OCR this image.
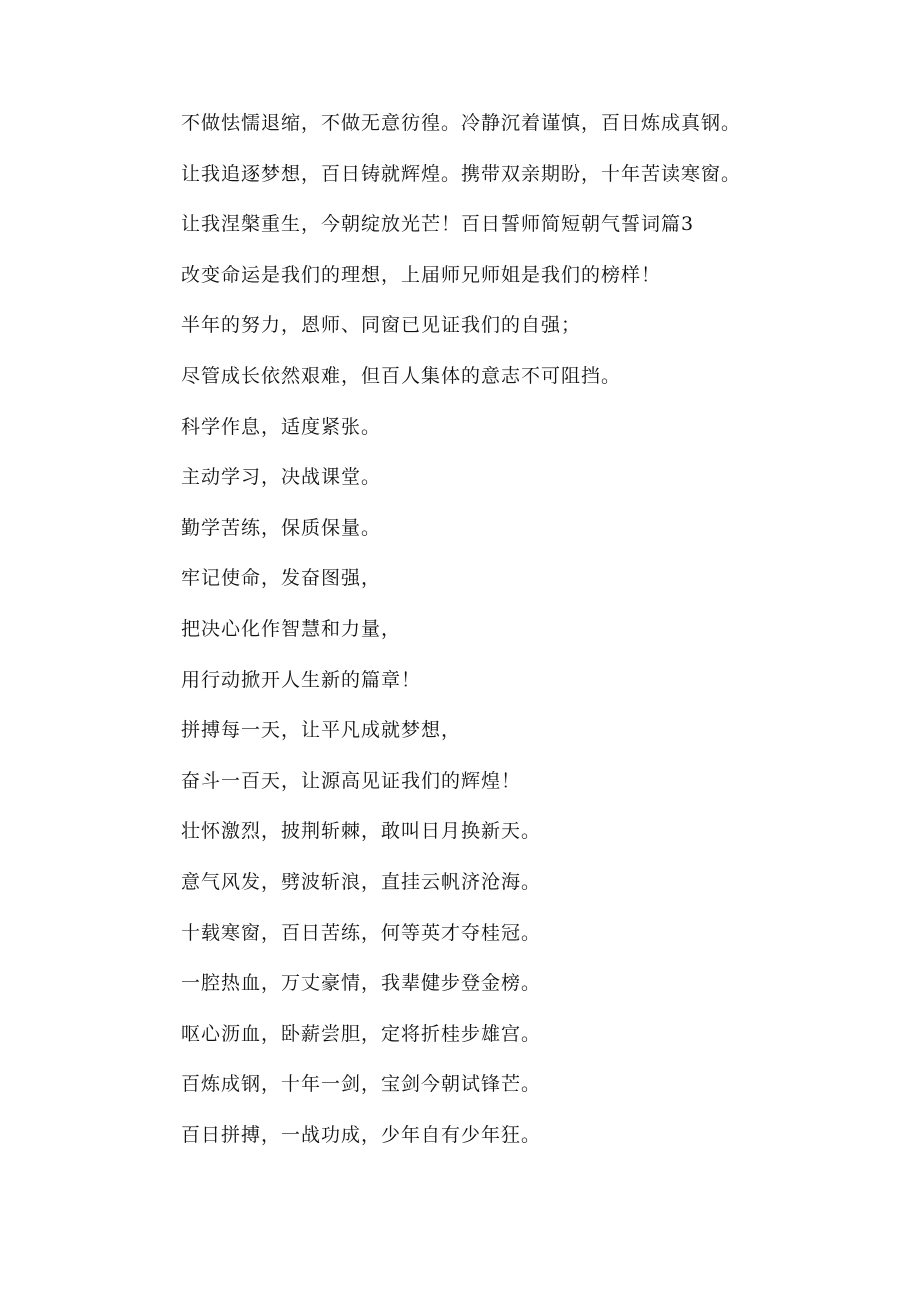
不做怯懦退缩，不做无意彷徨。冷静沉着谨慎，百日炼成真钢。
让我追逐梦想，百日铸就辉煌。携带双亲期盼，十年苦读寒窗。
让我涅槃重生，今朝绽放光芒！百日誓师简短朝气誓词篇3
改变命运是我们的理想，上届师兄师姐是我们的榜样！
半年的努力，恩师、同窗已见证我们的自强；
尽管成长依然艰难，但百人集体的意志不可阻挡。
科学作息，适度紧张。
主动学习，决战课堂。
勤学苦练，保质保量。
牢记使命，发奋图强，
把决心化作智慧和力量，
用行动掀开人生新的篇章！
拼搏每一天，让平凡成就梦想，
奋斗一百天，让源高见证我们的辉煌！
壮怀激烈，披荆斩棘，敢叫日月换新天。
意气风发，劈波斩浪，直挂云帆济沧海。
十载寒窗，百日苦练，何等英才夺桂冠。
一腔热血，万丈豪情，我辈健步登金榜。
呕心沥血，卧薪尝胆，定将折桂步雄宫。
百炼成钢，十年一剑，宝剑今朝试锋芒。
百日拼搏，一战功成，少年自有少年狂。
